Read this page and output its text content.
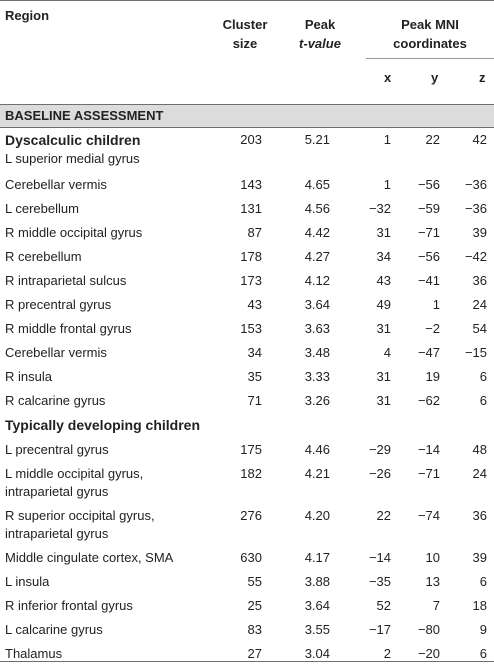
Region
Cluster
size
Peak
t-value
Peak MNI
coordinates
x	y	z
BASELINE ASSESSMENT
Dyscalculic children	203	5.21	1	22	42
L superior medial gyrus
Cerebellar vermis	143	4.65	1 −56 −36
L cerebellum	131	4.56	−32 −59 −36
R middle occipital gyrus	87	4.42	31 −71	39
R cerebellum	178	4.27	34 −56 −42
R intraparietal sulcus	173	4.12	43 −41	36
R precentral gyrus	43	3.64	49	1	24
R middle frontal gyrus	153	3.63	31	−2	54
Cerebellar vermis	34	3.48	4 −47 −15
R insula	35	3.33	31	19	6
R calcarine gyrus	71	3.26	31 −62	6
Typically developing children
L precentral gyrus	175	4.46	−29 −14	48
L middle occipital gyrus,	182	4.21	−26 −71	24
intraparietal gyrus
R superior occipital gyrus,	276	4.20	22 −74	36
intraparietal gyrus
Middle cingulate cortex, SMA	630	4.17	−14	10	39
L insula	55	3.88	−35	13	6
R inferior frontal gyrus	25	3.64	52	7	18
L calcarine gyrus	83	3.55	−17 −80	9
Thalamus	27	3.04	2 −20	6
